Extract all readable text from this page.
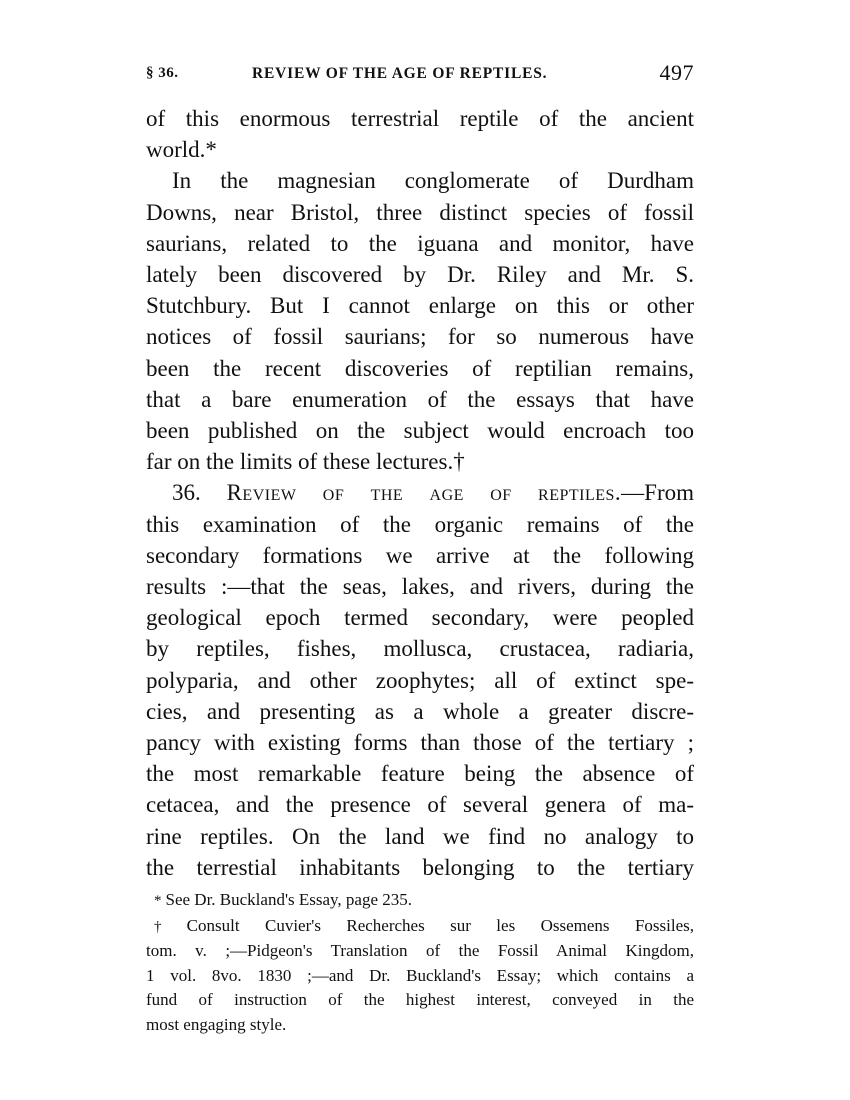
§ 36.	REVIEW OF THE AGE OF REPTILES.	497
of this enormous terrestrial reptile of the ancient
world.*
In the magnesian conglomerate of Durdham
Downs, near Bristol, three distinct species of fossil
saurians, related to the iguana and monitor, have
lately been discovered by Dr. Riley and Mr. S.
Stutchbury. But I cannot enlarge on this or other
notices of fossil saurians; for so numerous have
been the recent discoveries of reptilian remains,
that a bare enumeration of the essays that have
been published on the subject would encroach too
far on the limits of these lectures.†
36. Review of the age of reptiles.—From
this examination of the organic remains of the
secondary formations we arrive at the following
results :—that the seas, lakes, and rivers, during the
geological epoch termed secondary, were peopled
by reptiles, fishes, mollusca, crustacea, radiaria,
polyparia, and other zoophytes; all of extinct spe-
cies, and presenting as a whole a greater discre-
pancy with existing forms than those of the tertiary ;
the most remarkable feature being the absence of
cetacea, and the presence of several genera of ma-
rine reptiles. On the land we find no analogy to
the terrestial inhabitants belonging to the tertiary
* See Dr. Buckland's Essay, page 235.
† Consult Cuvier's Recherches sur les Ossemens Fossiles,
tom. v. ;—Pidgeon's Translation of the Fossil Animal Kingdom,
1 vol. 8vo. 1830 ;—and Dr. Buckland's Essay; which contains a
fund of instruction of the highest interest, conveyed in the
most engaging style.
